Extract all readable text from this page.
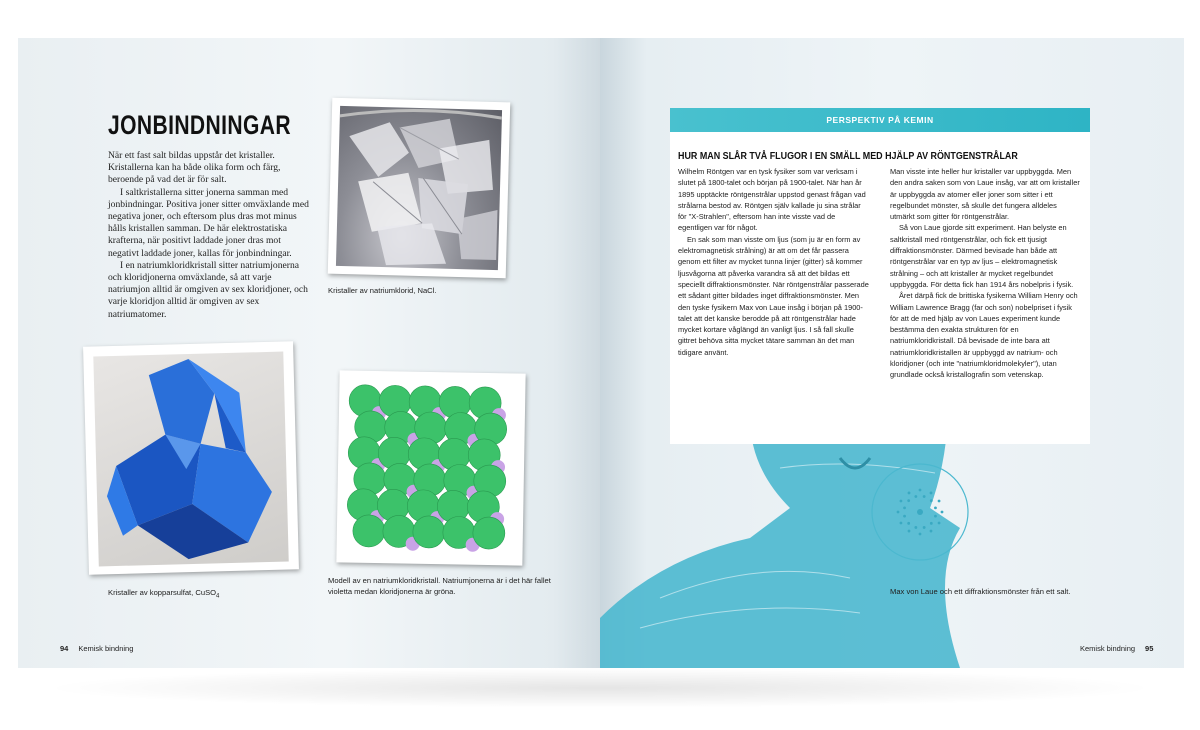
JONBINDNINGAR

När ett fast salt bildas uppstår det kristaller. Kristallerna kan ha både olika form och färg, beroende på vad det är för salt.

I saltkristallerna sitter jonerna samman med jonbindningar. Positiva joner sitter omväxlande med negativa joner, och eftersom plus dras mot minus hålls kristallen samman. De här elektrostatiska krafterna, när positivt laddade joner dras mot negativt laddade joner, kallas för jonbindningar.

I en natriumkloridkristall sitter natriumjonerna och kloridjonerna omväxlande, så att varje natriumjon alltid är omgiven av sex kloridjoner, och varje kloridjon alltid är omgiven av sex natriumatomer.

Kristaller av natriumklorid, NaCl.
Kristaller av kopparsulfat, CuSO$_4$
Modell av en natriumkloridkristall. Natriumjonerna är i det här fallet violetta medan kloridjonerna är gröna.
94 Kemisk bindning
PERSPEKTIV PÅ KEMIN
HUR MAN SLÅR TVÅ FLUGOR I EN SMÄLL MED HJÄLP AV RÖNTGENSTRÅLAR

Wilhelm Röntgen var en tysk fysiker som var verksam i slutet på 1800-talet och början på 1900-talet. När han år 1895 upptäckte röntgenstrålar uppstod genast frågan vad strålarna bestod av. Röntgen själv kallade ju sina strålar för "X-Strahlen", eftersom han inte visste vad de egentligen var för något.

En sak som man visste om ljus (som ju är en form av elektromagnetisk strålning) är att om det får passera genom ett filter av mycket tunna linjer (gitter) så kommer ljusvågorna att påverka varandra så att det bildas ett speciellt diffraktionsmönster. När röntgenstrålar passerade ett sådant gitter bildades inget diffraktionsmönster. Men den tyske fysikern Max von Laue insåg i början på 1900-talet att det kanske berodde på att röntgenstrålar hade mycket kortare våglängd än vanligt ljus. I så fall skulle gittret behöva sitta mycket tätare samman än det man tidigare använt.

Man visste inte heller hur kristaller var uppbyggda. Men den andra saken som von Laue insåg, var att om kristaller är uppbyggda av atomer eller joner som sitter i ett regelbundet mönster, så skulle det fungera alldeles utmärkt som gitter för röntgenstrålar.

Så von Laue gjorde sitt experiment. Han belyste en saltkristall med röntgenstrålar, och fick ett tjusigt diffraktionsmönster. Därmed bevisade han både att röntgenstrålar var en typ av ljus – elektromagnetisk strålning – och att kristaller är mycket regelbundet uppbyggda. För detta fick han 1914 års nobelpris i fysik.

Året därpå fick de brittiska fysikerna William Henry och William Lawrence Bragg (far och son) nobelpriset i fysik för att de med hjälp av von Laues experiment kunde bestämma den exakta strukturen för en natriumkloridkristall. Då bevisade de inte bara att natriumkloridkristallen är uppbyggd av natrium- och kloridjoner (och inte "natriumkloridmolekyler"), utan grundlade också kristallografin som vetenskap.

Max von Laue och ett diffraktionsmönster från ett salt.
Kemisk bindning 95
